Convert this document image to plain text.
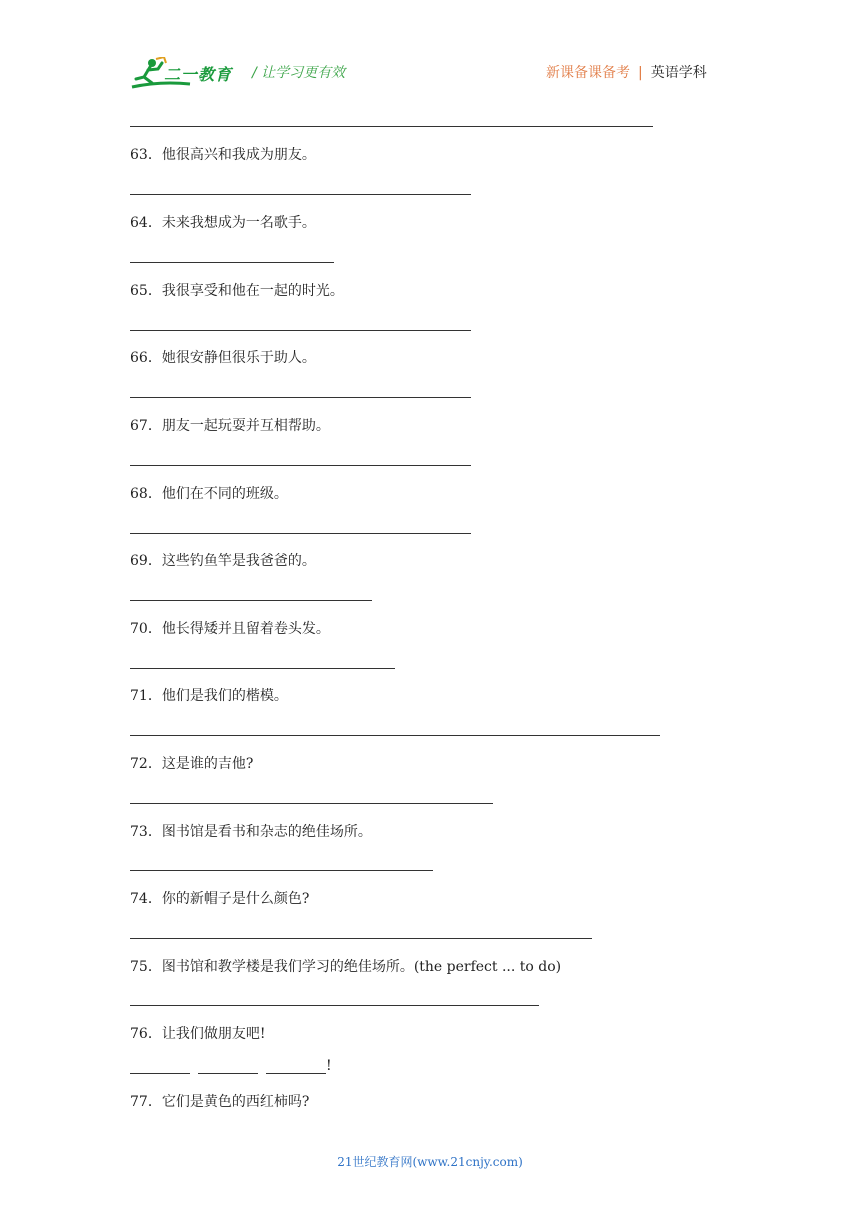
二一教育 / 让学习更有效	新课备课备考 | 英语学科
63．他很高兴和我成为朋友。
64．未来我想成为一名歌手。
65．我很享受和他在一起的时光。
66．她很安静但很乐于助人。
67．朋友一起玩耍并互相帮助。
68．他们在不同的班级。
69．这些钓鱼竿是我爸爸的。
70．他长得矮并且留着卷头发。
71．他们是我们的楷模。
72．这是谁的吉他?
73．图书馆是看书和杂志的绝佳场所。
74．你的新帽子是什么颜色?
75．图书馆和教学楼是我们学习的绝佳场所。(the perfect ... to do)
76．让我们做朋友吧!
!
77．它们是黄色的西红柿吗?
21世纪教育网(www.21cnjy.com)
